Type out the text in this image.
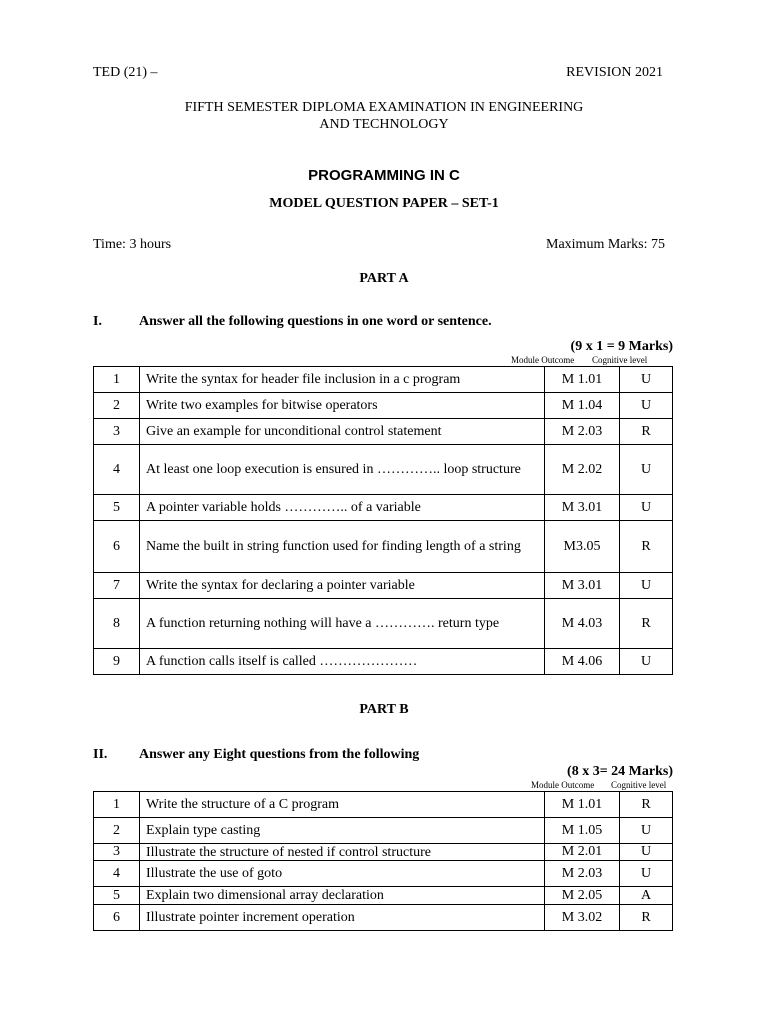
TED (21) –	REVISION 2021
FIFTH SEMESTER DIPLOMA EXAMINATION IN ENGINEERING
AND TECHNOLOGY
PROGRAMMING IN C
MODEL QUESTION PAPER – SET-1
Time: 3 hours	Maximum Marks: 75
PART A
I.	Answer all the following questions in one word or sentence.
(9 x 1 = 9 Marks)
Module Outcome Cognitive level
1	Write the syntax for header file inclusion in a c program	M 1.01	U
2	Write two examples for bitwise operators	M 1.04	U
3	Give an example for unconditional control statement	M 2.03	R
4	At least one loop execution is ensured in ………….. loop structure	M 2.02	U
5	A pointer variable holds ………….. of a variable	M 3.01	U
6	Name the built in string function used for finding length of a string	M3.05	R
7	Write the syntax for declaring a pointer variable	M 3.01	U
8	A function returning nothing will have a …………. return type	M 4.03	R
9	A function calls itself is called …………………	M 4.06	U
PART B
II. Answer any Eight questions from the following
(8 x 3= 24 Marks)
Module Outcome Cognitive level
1	Write the structure of a C program	M 1.01	R
2	Explain type casting	M 1.05	U
3	Illustrate the structure of nested if control structure	M 2.01	U
4	Illustrate the use of goto	M 2.03	U
5	Explain two dimensional array declaration	M 2.05	A
6	Illustrate pointer increment operation	M 3.02	R
